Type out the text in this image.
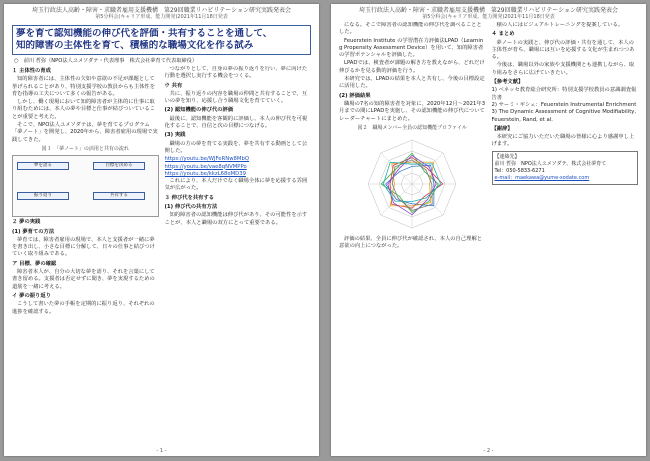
埼玉行政法人高齢・障害・求職者雇用支援機構　第29回職業リハビリテーション研究実践発表会
第5分科会(キャリア形成、能力開発)2021年11月18日発表
夢を育て認知機能の伸び代を評価・共有することを通して、
知的障害の主体性を育て、積極的な職場文化を作る試み
○　前川 哲弥（NPO法人ユメソダテ・代表理事　株式会社夢育て代表取締役）
１ 主体性の育成

知的障害者には、主体性の欠如や意欲の不足が課題として挙げられることがあり、特別支援学校の教員からも主体性を育む指導の工夫について多くの報告がある。

しかし、働く現場において知的障害者が主体的に仕事に取り組むためには、本人の夢や目標と仕事が結びついていることが重要と考えた。

そこで、NPO法人ユメソダテは、夢を育てるプログラム「夢ノート」を開発し、2020年から、障害者雇用の現場で実践してきた。

図１　「夢ノート」の活用と共有の流れ
夢を語る	目標を決める
振り返り	共有する
２ 夢の実践
(1) 夢育ての方法

夢育ては、障害者雇用の現場で、本人と支援者が一緒に夢を書き出し、小さな目標に分解して、日々の仕事と結びつけていく取り組みである。

ア 目標、夢の確認

障害者本人が、自分の大切な夢を語り、それを言葉にして書き留める。支援者は否定せずに聞き、夢を実現するための道筋を一緒に考える。

イ 夢の振り返り

こうして書いた夢の手帳を定期的に振り返り、それぞれの進捗を確認する。

つながりとして、自身の夢の振り返りを行い、夢に向けた行動を選択し実行する機会をつくる。

ウ 共有

共に、振り返りの内容を職場の仲間と共有することで、互いの夢を知り、応援し合う職場文化を育てていく。

(2) 認知機能の伸び代の評価

最後に、認知機能を客観的に評価し、本人の伸び代を可視化することで、自信と次の目標につなげる。

(3) 実践

職場の方の夢を育てる実践を、夢を共有する動画として公開した。

https://youtu.be/WJFeRNw8MbQ
https://youtu.be/vae8qNVMPPo
https://youtu.be/kkzL68oMD39

これにより、本人だけでなく職場全体に夢を応援する雰囲気が広がった。

３ 伸び代を共有する
(1) 伸び代の共有方法

知的障害者の認知機能は伸び代があり、その可能性を示すことが、本人と職場の双方にとって重要である。

- 1 -
埼玉行政法人高齢・障害・求職者雇用支援機構　第29回職業リハビリテーション研究実践発表会
第5分科会(キャリア形成、能力開発)2021年11月18日発表

になる。そこで障害者の認知機能の伸び代を調べることとした。

Feuerstein Institute の学習潜在力評価法LPAD（Learning Propensity Assessment Device）を用いて、知的障害者の学習ポテンシャルを評価した。

LPADでは、検査者が課題の解き方を教えながら、どれだけ伸びるかを見る動的評価を行う。

本研究では、LPADの結果を本人と共有し、今後の目標設定に活用した。

(2) 評価結果

職場の7名の知的障害者を対象に、2020年12月〜2021年3月までの間にLPADを実施し、その認知機能の伸び代についてレーダーチャートにまとめた。

図２　職場メンバー全員の認知機能プロファイル

評価の結果、全員に伸び代が確認され、本人の自己理解と意欲の向上につながった。

積の人にはビジュアルトレーニングを提案している。

４ まとめ

夢ノートの実践と、伸び代の評価・共有を通して、本人の主体性が育ち、職場には互いを応援する文化が生まれつつある。

今後は、職場以外の家族や支援機関とも連携しながら、取り組みをさらに広げていきたい。

【参考文献】
1) ベネッセ教育総合研究所：特別支援学校教員の意識調査報告書
2) サーミ・ギシェ：Feuerstein Instrumental Enrichment
3) The Dynamic Assessment of Cognitive Modifiability, Feuerstein, Rand, et al.
【謝辞】

本研究にご協力いただいた職場の皆様に心より感謝申し上げます。

【連絡先】
前川 哲弥　NPO法人ユメソダテ、株式会社夢育て
Tel：050-5833-6271
e-mail：maekawa@yume-sodate.com
- 2 -
